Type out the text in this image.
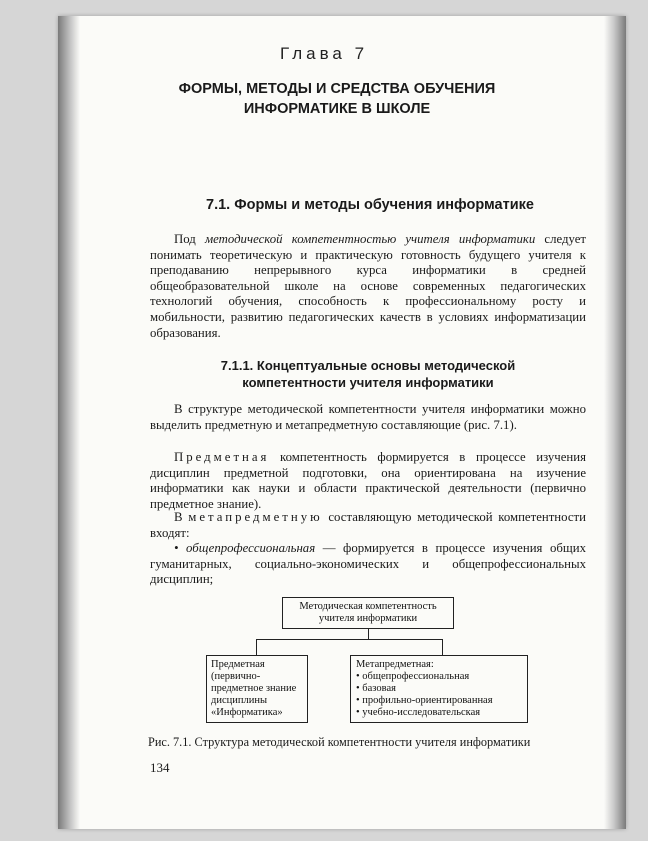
Глава 7
ФОРМЫ, МЕТОДЫ И СРЕДСТВА ОБУЧЕНИЯ
ИНФОРМАТИКЕ В ШКОЛЕ
7.1. Формы и методы обучения информатике

Под методической компетентностью учителя информатики следует понимать теоретическую и практическую готовность будущего учителя к преподаванию непрерывного курса информатики в средней общеобразовательной школе на основе современных педагогических технологий обучения, способность к профессиональному росту и мобильности, развитию педагогических качеств в условиях информатизации образования.

7.1.1. Концептуальные основы методической
компетентности учителя информатики

В структуре методической компетентности учителя информатики можно выделить предметную и метапредметную составляющие (рис. 7.1).

Предметная компетентность формируется в процессе изучения дисциплин предметной подготовки, она ориентирована на изучение информатики как науки и области практической деятельности (первично предметное знание).

В метапредметную составляющую методической компетентности входят:

• общепрофессиональная — формируется в процессе изучения общих гуманитарных, социально-экономических и общепрофессиональных дисциплин;

Методическая компетентность
учителя информатики
Предметная
(первично-
предметное знание
дисциплины
«Информатика»
Метапредметная:
• общепрофессиональная
• базовая
• профильно-ориентированная
• учебно-исследовательская
Рис. 7.1. Структура методической компетентности учителя информатики
134
